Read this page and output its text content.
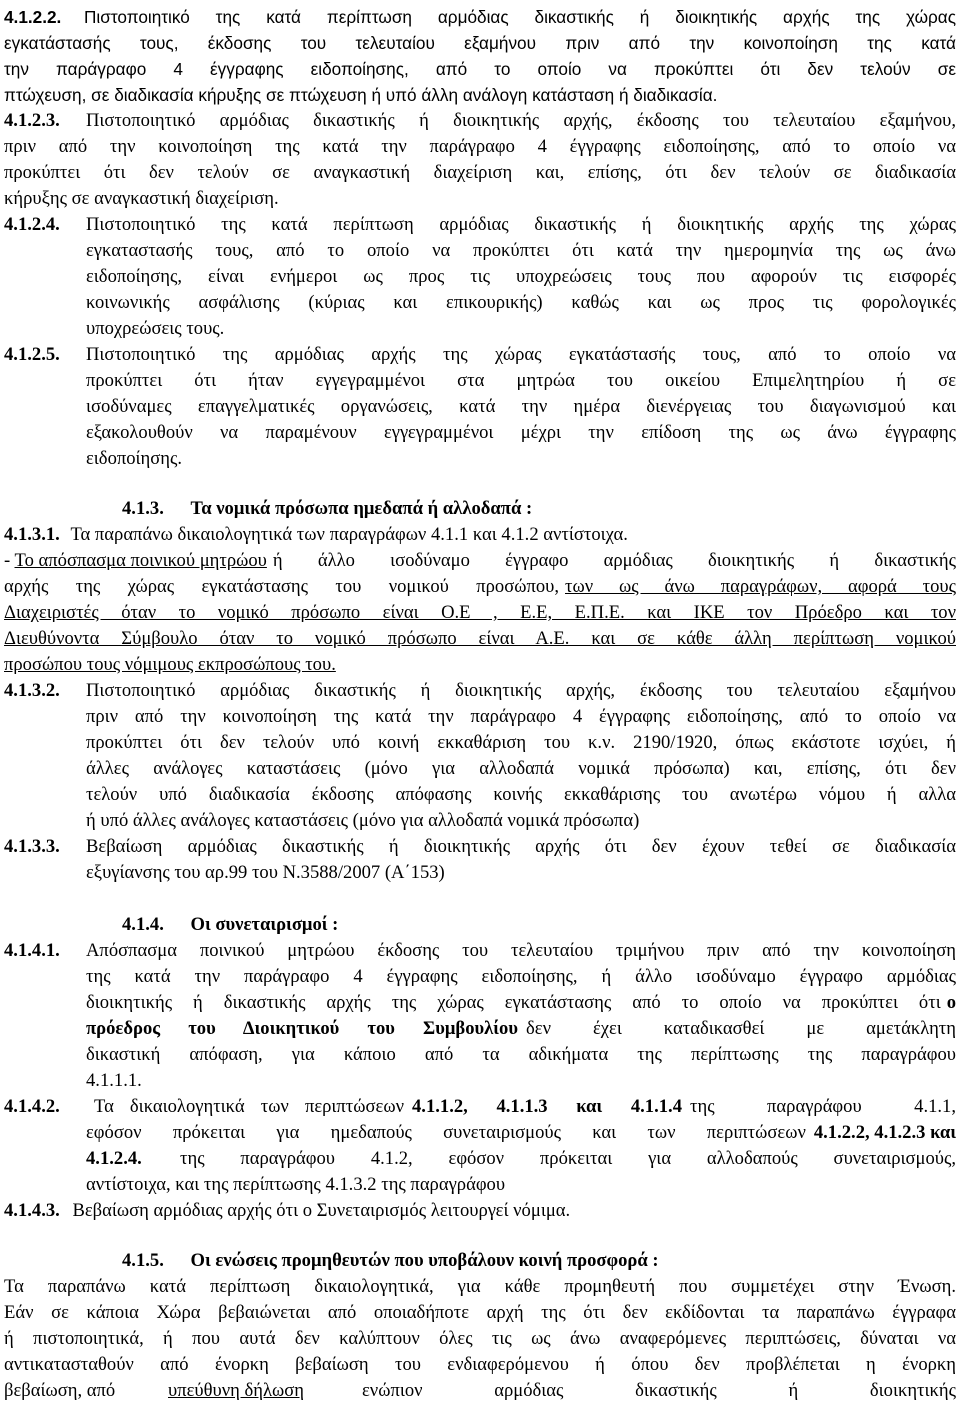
4.1.2.2. Πιστοποιητικό της κατά περίπτωση αρμόδιας δικαστικής ή διοικητικής αρχής της χώρας
εγκατάστασής τους, έκδοσης του τελευταίου εξαμήνου πριν από την κοινοποίηση της κατά
την παράγραφο 4 έγγραφης ειδοποίησης, από το οποίο να προκύπτει ότι δεν τελούν σε
πτώχευση, σε διαδικασία κήρυξης σε πτώχευση ή υπό άλλη ανάλογη κατάσταση ή διαδικασία.
4.1.2.3.	Πιστοποιητικό αρμόδιας δικαστικής ή διοικητικής αρχής, έκδοσης του τελευταίου εξαμήνου,
πριν από την κοινοποίηση της κατά την παράγραφο 4 έγγραφης ειδοποίησης, από το οποίο να
προκύπτει ότι δεν τελούν σε αναγκαστική διαχείριση και, επίσης, ότι δεν τελούν σε διαδικασία
κήρυξης σε αναγκαστική διαχείριση.
4.1.2.4.	Πιστοποιητικό της κατά περίπτωση αρμόδιας δικαστικής ή διοικητικής αρχής της χώρας
εγκαταστασής τους, από το οποίο να προκύπτει ότι κατά την ημερομηνία της ως άνω
ειδοποίησης, είναι ενήμεροι ως προς τις υποχρεώσεις τους που αφορούν τις εισφορές
κοινωνικής ασφάλισης (κύριας και επικουρικής) καθώς και ως προς τις φορολογικές
υποχρεώσεις τους.
4.1.2.5.	Πιστοποιητικό της αρμόδιας αρχής της χώρας εγκατάστασής τους, από το οποίο να
προκύπτει ότι ήταν εγγεγραμμένοι στα μητρώα του οικείου Επιμελητηρίου ή σε
ισοδύναμες επαγγελματικές οργανώσεις, κατά την ημέρα διενέργειας του διαγωνισμού και
εξακολουθούν να παραμένουν εγγεγραμμένοι μέχρι την επίδοση της ως άνω έγγραφης
ειδοποίησης.
4.1.3. Τα νομικά πρόσωπα ημεδαπά ή αλλοδαπά :
4.1.3.1. Τα παραπάνω δικαιολογητικά των παραγράφων 4.1.1 και 4.1.2 αντίστοιχα.
- Το απόσπασμα ποινικού μητρώου ή άλλο ισοδύναμο έγγραφο αρμόδιας διοικητικής ή δικαστικής
αρχής της χώρας εγκατάστασης του νομικού προσώπου, των ως άνω παραγράφων, αφορά τους
Διαχειριστές όταν το νομικό πρόσωπο είναι Ο.Ε , Ε.Ε, Ε.Π.Ε. και ΙΚΕ τον Πρόεδρο και τον
Διευθύνοντα Σύμβουλο όταν το νομικό πρόσωπο είναι Α.Ε. και σε κάθε άλλη περίπτωση νομικού
προσώπου τους νόμιμους εκπροσώπους του.
4.1.3.2.	Πιστοποιητικό αρμόδιας δικαστικής ή διοικητικής αρχής, έκδοσης του τελευταίου εξαμήνου
πριν από την κοινοποίηση της κατά την παράγραφο 4 έγγραφης ειδοποίησης, από το οποίο να
προκύπτει ότι δεν τελούν υπό κοινή εκκαθάριση του κ.ν. 2190/1920, όπως εκάστοτε ισχύει, ή
άλλες ανάλογες καταστάσεις (μόνο για αλλοδαπά νομικά πρόσωπα) και, επίσης, ότι δεν
τελούν υπό διαδικασία έκδοσης απόφασης κοινής εκκαθάρισης του ανωτέρω νόμου ή αλλα
ή υπό άλλες ανάλογες καταστάσεις (μόνο για αλλοδαπά νομικά πρόσωπα)
4.1.3.3.	Βεβαίωση αρμόδιας δικαστικής ή διοικητικής αρχής ότι δεν έχουν τεθεί σε διαδικασία
εξυγίανσης του αρ.99 του Ν.3588/2007 (Α΄153)
4.1.4. Οι συνεταιρισμοί :
4.1.4.1.	Απόσπασμα ποινικού μητρώου έκδοσης του τελευταίου τριμήνου πριν από την κοινοποίηση
της κατά την παράγραφο 4 έγγραφης ειδοποίησης, ή άλλο ισοδύναμο έγγραφο αρμόδιας
διοικητικής ή δικαστικής αρχής της χώρας εγκατάστασης από το οποίο να προκύπτει ότι ο
πρόεδρος του Διοικητικού του Συμβουλίου δεν έχει καταδικασθεί με αμετάκλητη
δικαστική απόφαση, για κάποιο από τα αδικήματα της περίπτωσης της παραγράφου
4.1.1.1.
4.1.4.2.	Τα δικαιολογητικά των περιπτώσεων 4.1.1.2, 4.1.1.3 και 4.1.1.4 της παραγράφου 4.1.1,
εφόσον πρόκειται για ημεδαπούς συνεταιρισμούς και των περιπτώσεων 4.1.2.2, 4.1.2.3 και
4.1.2.4.	της παραγράφου 4.1.2, εφόσον πρόκειται για αλλοδαπούς συνεταιρισμούς,
αντίστοιχα, και της περίπτωσης 4.1.3.2 της παραγράφου
4.1.4.3. Βεβαίωση αρμόδιας αρχής ότι ο Συνεταιρισμός λειτουργεί νόμιμα.
4.1.5. Οι ενώσεις προμηθευτών που υποβάλουν κοινή προσφορά :
Τα παραπάνω κατά περίπτωση δικαιολογητικά, για κάθε προμηθευτή που συμμετέχει στην Ένωση.
Εάν σε κάποια Χώρα βεβαιώνεται από οποιαδήποτε αρχή της ότι δεν εκδίδονται τα παραπάνω έγγραφα
ή πιστοποιητικά, ή που αυτά δεν καλύπτουν όλες τις ως άνω αναφερόμενες περιπτώσεις, δύναται να
αντικατασταθούν από ένορκη βεβαίωση του ενδιαφερόμενου ή όπου δεν προβλέπεται η ένορκη
βεβαίωση, από	υπεύθυνη δήλωση	ενώπιον αρμόδιας δικαστικής ή διοικητικής
